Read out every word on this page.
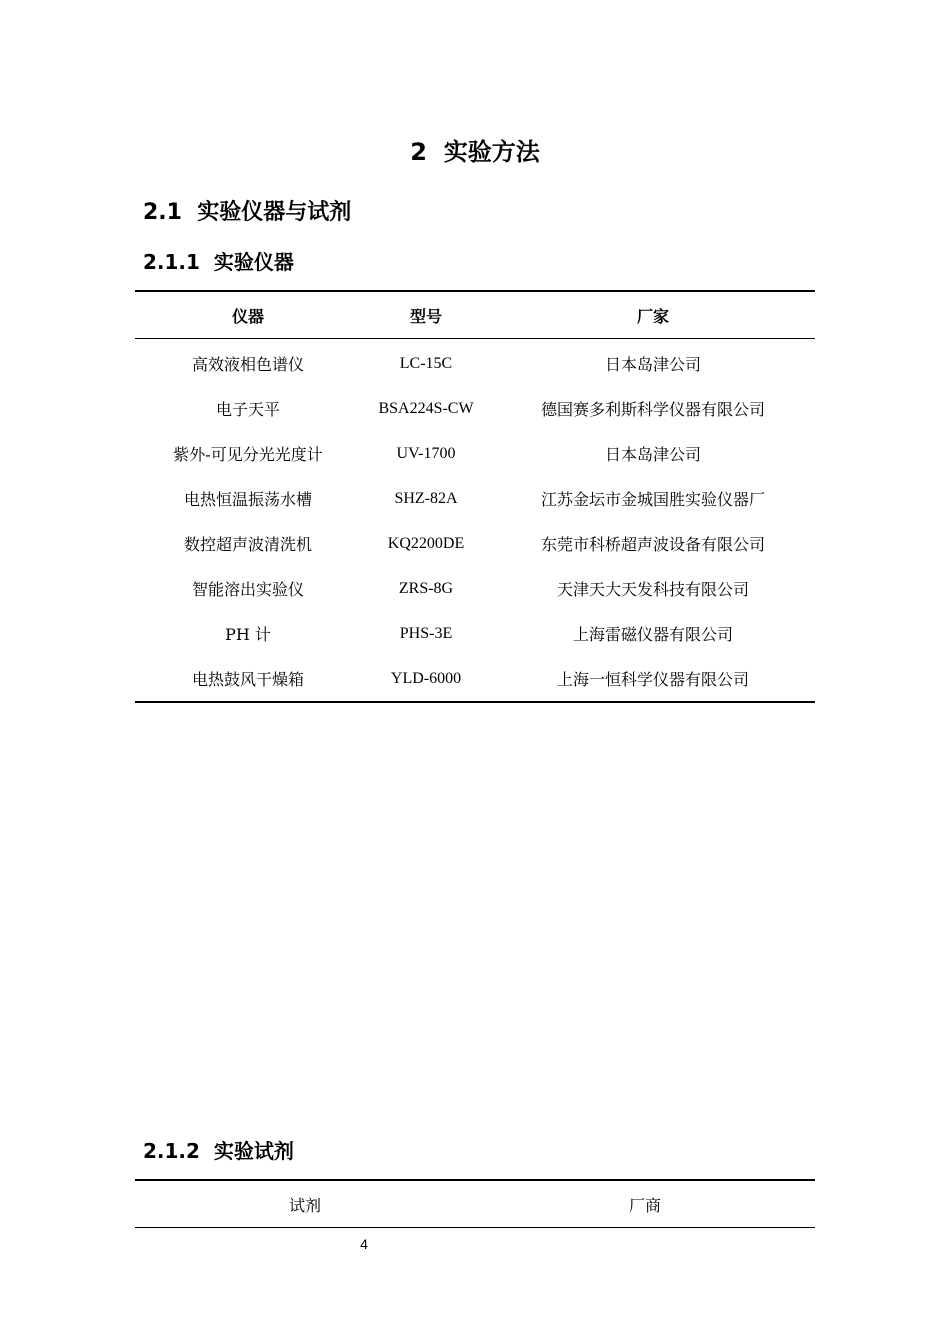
2  实验方法
2.1  实验仪器与试剂
2.1.1  实验仪器
仪器	型号	厂家
高效液相色谱仪	LC-15C	日本岛津公司
电子天平	BSA224S-CW	德国赛多利斯科学仪器有限公司
紫外-可见分光光度计	UV-1700	日本岛津公司
电热恒温振荡水槽	SHZ-82A	江苏金坛市金城国胜实验仪器厂
数控超声波清洗机	KQ2200DE	东莞市科桥超声波设备有限公司
智能溶出实验仪	ZRS-8G	天津天大天发科技有限公司
PH 计	PHS-3E	上海雷磁仪器有限公司
电热鼓风干燥箱	YLD-6000	上海一恒科学仪器有限公司
2.1.2  实验试剂
试剂	厂商
4
